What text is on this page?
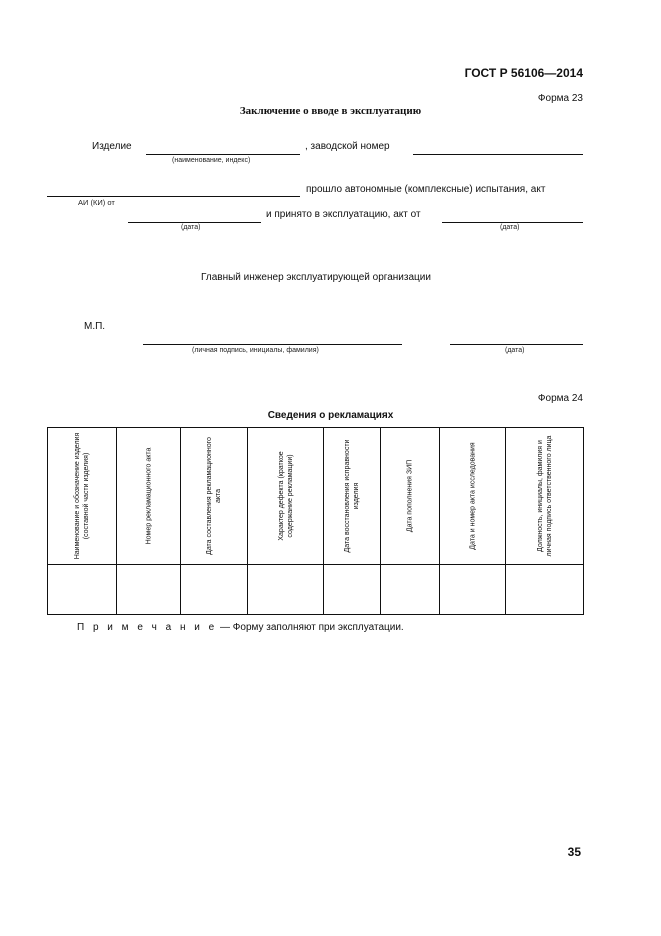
ГОСТ Р 56106—2014
Форма 23
Заключение о вводе в эксплуатацию
Изделие
(наименование, индекс)
, заводской номер
прошло автономные (комплексные) испытания, акт
АИ (КИ) от
(дата)
и принято в эксплуатацию, акт от
(дата)
Главный инженер эксплуатирующей организации
М.П.
(личная подпись, инициалы, фамилия)	(дата)
Форма 24
Сведения о рекламациях
Наименование и обозначение изделия (составной части изделия)	Номер рекламационного акта	Дата составления рекламационного акта	Характер дефекта (краткое содержание рекламации)	Дата восстановления исправности изделия	Дата пополнения ЗИП	Дата и номер акта исследования	Должность, инициалы, фамилия и личная подпись ответственного лица

П р и м е ч а н и е — Форму заполняют при эксплуатации.
35
